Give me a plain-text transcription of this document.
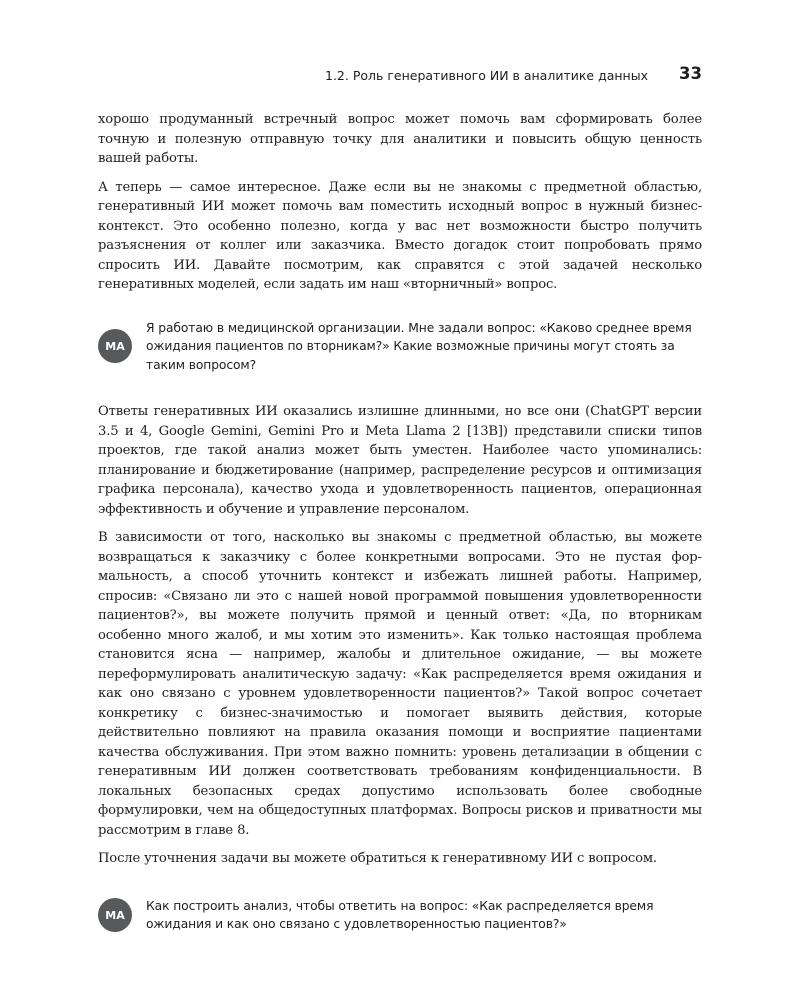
1.2. Роль генеративного ИИ в аналитике данных 33

хорошо продуманный встречный вопрос может помочь вам сформировать более точную и полезную отправную точку для аналитики и повысить общую ценность вашей работы.

А теперь — самое интересное. Даже если вы не знакомы с предметной областью, генеративный ИИ может помочь вам поместить исходный вопрос в нужный бизнес-контекст. Это особенно полезно, когда у вас нет возможности быстро получить разъяснения от коллег или заказчика. Вместо догадок стоит попробовать прямо спросить ИИ. Давайте посмотрим, как справятся с этой задачей несколько генеративных моделей, если задать им наш «вторничный» вопрос.

MA
Я работаю в медицинской организации. Мне задали вопрос: «Каково среднее время ожидания пациентов по вторникам?» Какие возможные причины могут стоять за таким вопросом?

Ответы генеративных ИИ оказались излишне длинными, но все они (ChatGPT версии 3.5 и 4, Google Gemini, Gemini Pro и Meta Llama 2 [13B]) представили списки типов проектов, где такой анализ может быть уместен. Наиболее часто упоминались: планирование и бюджетирование (например, распределение ресурсов и оптимизация графика персонала), качество ухода и удовлетворенность пациентов, операционная эффективность и обучение и управление персоналом.

В зависимости от того, насколько вы знакомы с предметной областью, вы можете возвращаться к заказчику с более конкретными вопросами. Это не пустая формальность, а способ уточнить контекст и избежать лишней работы. Например, спросив: «Связано ли это с нашей новой программой повышения удовлетворенности пациентов?», вы можете получить прямой и ценный ответ: «Да, по вторникам особенно много жалоб, и мы хотим это изменить». Как только настоящая проблема становится ясна — например, жалобы и длительное ожидание, — вы можете переформулировать аналитическую задачу: «Как распределяется время ожидания и как оно связано с уровнем удовлетворенности пациентов?» Такой вопрос сочетает конкретику с бизнес-значимостью и помогает выявить действия, которые действительно повлияют на правила оказания помощи и восприятие пациентами качества обслуживания. При этом важно помнить: уровень детализации в общении с генеративным ИИ должен соответствовать требованиям конфиденциальности. В локальных безопасных средах допустимо использовать более свободные формулировки, чем на общедоступных платформах. Вопросы рисков и приватности мы рассмотрим в главе 8.

После уточнения задачи вы можете обратиться к генеративному ИИ с вопросом.

MA
Как построить анализ, чтобы ответить на вопрос: «Как распределяется время ожидания и как оно связано с удовлетворенностью пациентов?»
